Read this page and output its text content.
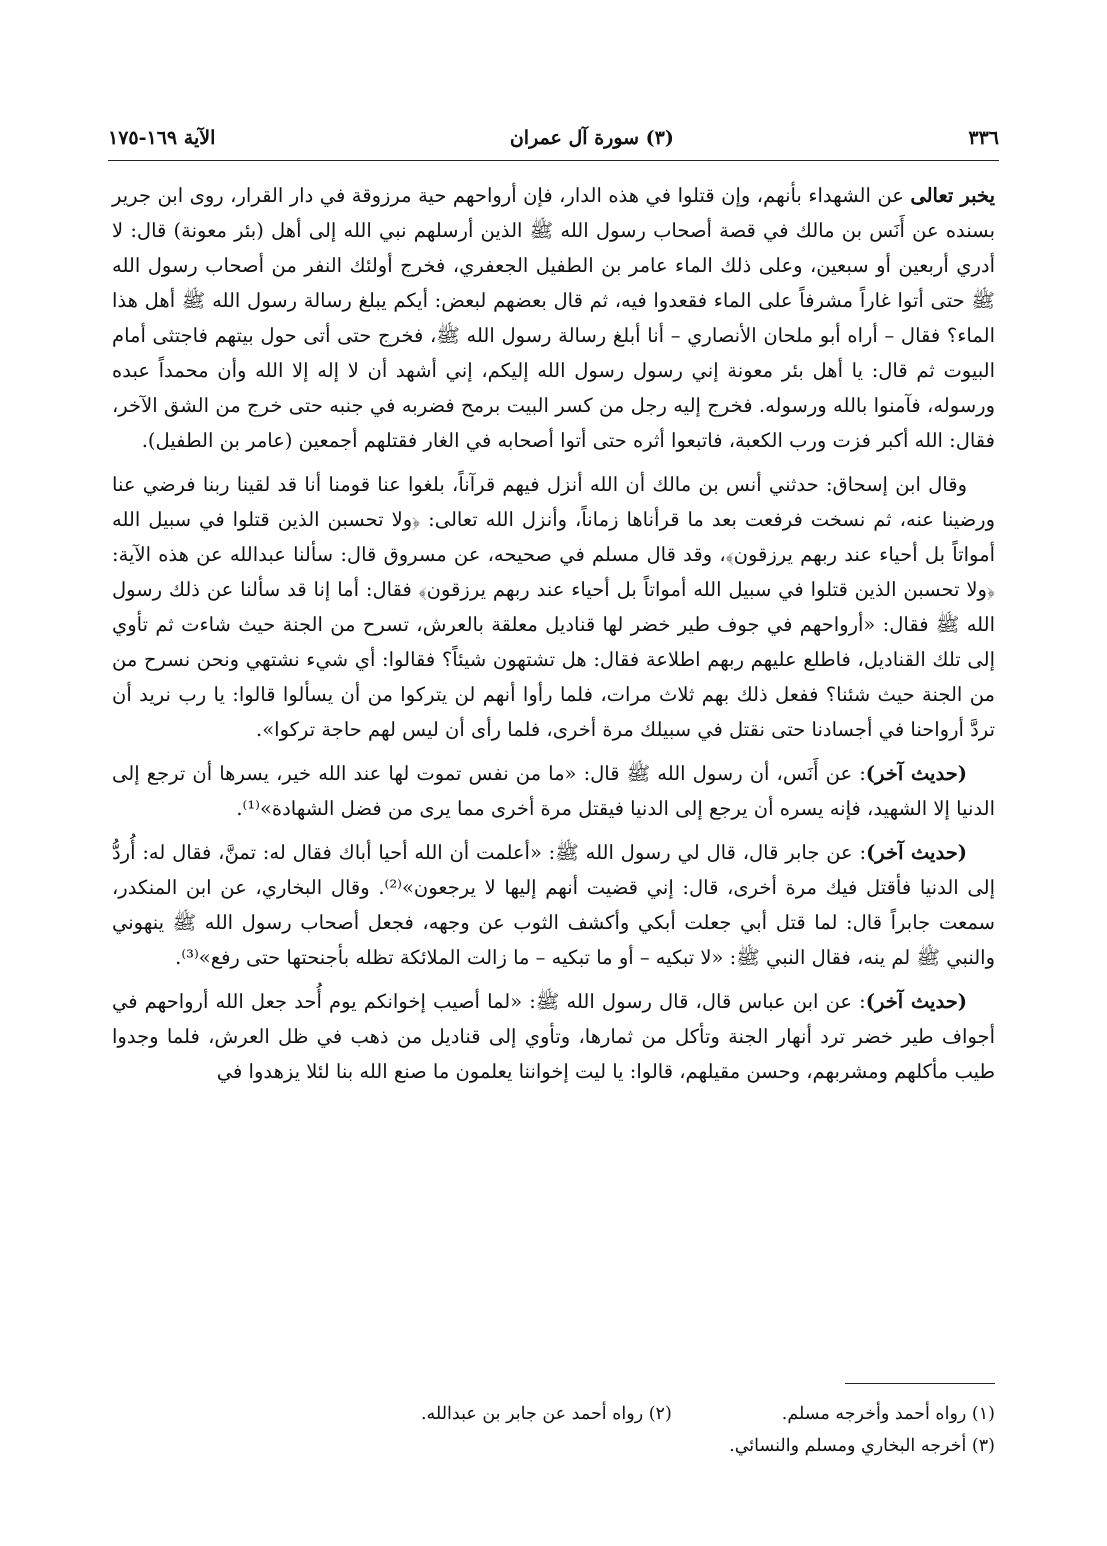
٣٣٦
(٣) سورة آل عمران
الآية ١٦٩-١٧٥

يخبر تعالى عن الشهداء بأنهم، وإن قتلوا في هذه الدار، فإن أرواحهم حية مرزوقة في دار القرار، روى ابن جرير بسنده عن أَنَس بن مالك في قصة أصحاب رسول الله ﷺ الذين أرسلهم نبي الله إلى أهل (بئر معونة) قال: لا أدري أربعين أو سبعين، وعلى ذلك الماء عامر بن الطفيل الجعفري، فخرج أولئك النفر من أصحاب رسول الله ﷺ حتى أتوا غاراً مشرفاً على الماء فقعدوا فيه، ثم قال بعضهم لبعض: أيكم يبلغ رسالة رسول الله ﷺ أهل هذا الماء؟ فقال – أراه أبو ملحان الأنصاري – أنا أبلغ رسالة رسول الله ﷺ، فخرج حتى أتى حول بيتهم فاجتثى أمام البيوت ثم قال: يا أهل بئر معونة إني رسول رسول الله إليكم، إني أشهد أن لا إله إلا الله وأن محمداً عبده ورسوله، فآمنوا بالله ورسوله. فخرج إليه رجل من كسر البيت برمح فضربه في جنبه حتى خرج من الشق الآخر، فقال: الله أكبر فزت ورب الكعبة، فاتبعوا أثره حتى أتوا أصحابه في الغار فقتلهم أجمعين (عامر بن الطفيل).

وقال ابن إسحاق: حدثني أنس بن مالك أن الله أنزل فيهم قرآناً، بلغوا عنا قومنا أنا قد لقينا ربنا فرضي عنا ورضينا عنه، ثم نسخت فرفعت بعد ما قرأناها زماناً، وأنزل الله تعالى: ﴿ولا تحسبن الذين قتلوا في سبيل الله أمواتاً بل أحياء عند ربهم يرزقون﴾، وقد قال مسلم في صحيحه، عن مسروق قال: سألنا عبدالله عن هذه الآية: ﴿ولا تحسبن الذين قتلوا في سبيل الله أمواتاً بل أحياء عند ربهم يرزقون﴾ فقال: أما إنا قد سألنا عن ذلك رسول الله ﷺ فقال: «أرواحهم في جوف طير خضر لها قناديل معلقة بالعرش، تسرح من الجنة حيث شاءت ثم تأوي إلى تلك القناديل، فاطلع عليهم ربهم اطلاعة فقال: هل تشتهون شيئاً؟ فقالوا: أي شيء نشتهي ونحن نسرح من من الجنة حيث شئنا؟ ففعل ذلك بهم ثلاث مرات، فلما رأوا أنهم لن يتركوا من أن يسألوا قالوا: يا رب نريد أن تردَّ أرواحنا في أجسادنا حتى نقتل في سبيلك مرة أخرى، فلما رأى أن ليس لهم حاجة تركوا».

(حديث آخر): عن أَنَس، أن رسول الله ﷺ قال: «ما من نفس تموت لها عند الله خير، يسرها أن ترجع إلى الدنيا إلا الشهيد، فإنه يسره أن يرجع إلى الدنيا فيقتل مرة أخرى مما يرى من فضل الشهادة»⁽¹⁾.

(حديث آخر): عن جابر قال، قال لي رسول الله ﷺ: «أعلمت أن الله أحيا أباك فقال له: تمنَّ، فقال له: أُردُّ إلى الدنيا فأقتل فيك مرة أخرى، قال: إني قضيت أنهم إليها لا يرجعون»⁽²⁾. وقال البخاري، عن ابن المنكدر، سمعت جابراً قال: لما قتل أبي جعلت أبكي وأكشف الثوب عن وجهه، فجعل أصحاب رسول الله ﷺ ينهوني والنبي ﷺ لم ينه، فقال النبي ﷺ: «لا تبكيه – أو ما تبكيه – ما زالت الملائكة تظله بأجنحتها حتى رفع»⁽³⁾.

(حديث آخر): عن ابن عباس قال، قال رسول الله ﷺ: «لما أصيب إخوانكم يوم أُحد جعل الله أرواحهم في أجواف طير خضر ترد أنهار الجنة وتأكل من ثمارها، وتأوي إلى قناديل من ذهب في ظل العرش، فلما وجدوا طيب مأكلهم ومشربهم، وحسن مقيلهم، قالوا: يا ليت إخواننا يعلمون ما صنع الله بنا لئلا يزهدوا في

(١) رواه أحمد وأخرجه مسلم.
(٢) رواه أحمد عن جابر بن عبدالله.
(٣) أخرجه البخاري ومسلم والنسائي.
